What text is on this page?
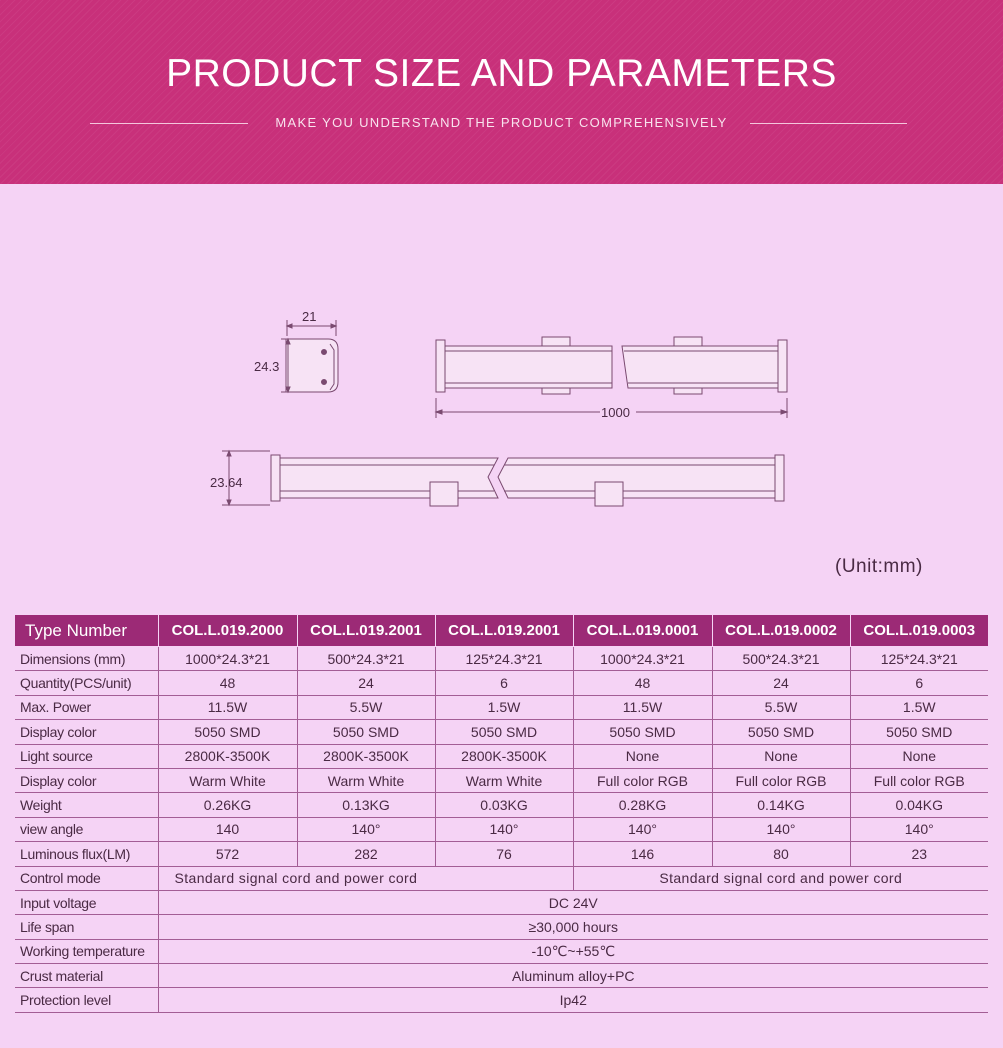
PRODUCT SIZE AND PARAMETERS
MAKE YOU UNDERSTAND THE PRODUCT COMPREHENSIVELY
21
24.3
1000
23.64
(Unit:mm)
Type Number	COL.L.019.2000	COL.L.019.2001	COL.L.019.2001	COL.L.019.0001	COL.L.019.0002	COL.L.019.0003
Dimensions (mm)	1000*24.3*21	500*24.3*21	125*24.3*21	1000*24.3*21	500*24.3*21	125*24.3*21
Quantity(PCS/unit)	48	24	6	48	24	6
Max. Power	11.5W	5.5W	1.5W	11.5W	5.5W	1.5W
Display color	5050 SMD	5050 SMD	5050 SMD	5050 SMD	5050 SMD	5050 SMD
Light source	2800K-3500K	2800K-3500K	2800K-3500K	None	None	None
Display color	Warm White	Warm White	Warm White	Full color RGB	Full color RGB	Full color RGB
Weight	0.26KG	0.13KG	0.03KG	0.28KG	0.14KG	0.04KG
view angle	140	140°	140°	140°	140°	140°
Luminous flux(LM)	572	282	76	146	80	23
Control mode	Standard signal cord and power cord			Standard signal cord and power cord		
Input voltage	DC 24V					
Life span	≥30,000 hours					
Working temperature	-10℃~+55℃					
Crust material	Aluminum alloy+PC					
Protection level	Ip42					
